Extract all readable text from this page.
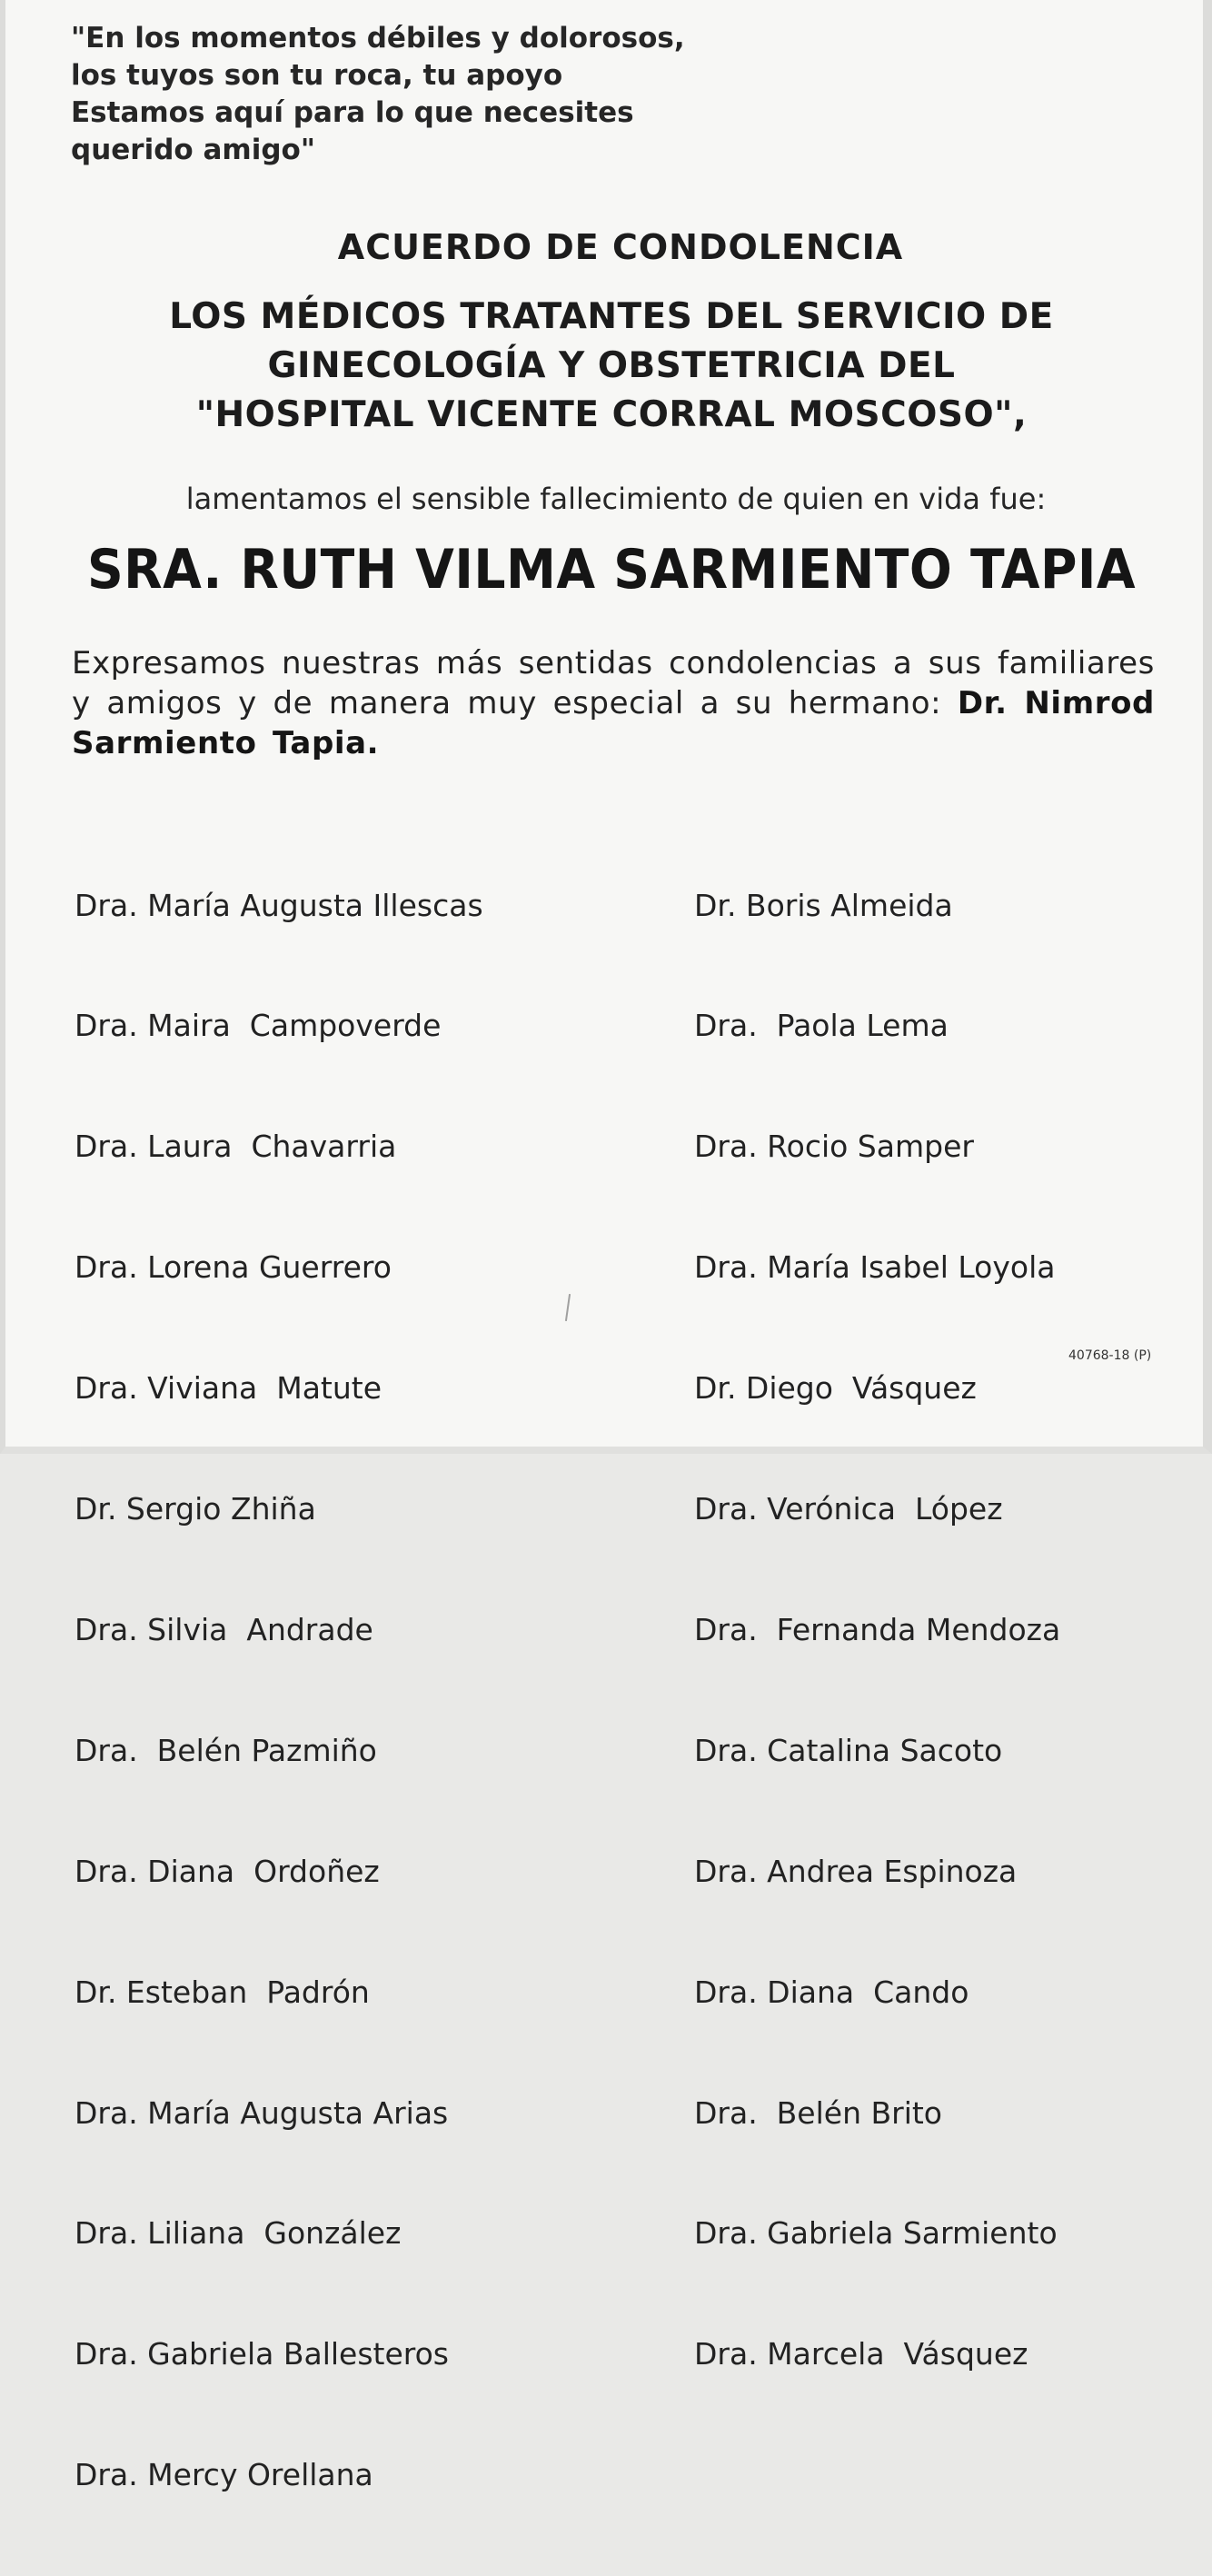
"En los momentos débiles y dolorosos,
los tuyos son tu roca, tu apoyo
Estamos aquí para lo que necesites
querido amigo"
ACUERDO DE CONDOLENCIA
LOS MÉDICOS TRATANTES DEL SERVICIO DE
GINECOLOGÍA Y OBSTETRICIA DEL
"HOSPITAL VICENTE CORRAL MOSCOSO",
lamentamos el sensible fallecimiento de quien en vida fue:
SRA. RUTH VILMA SARMIENTO TAPIA
Expresamos nuestras más sentidas condolencias a sus familiares y amigos y de manera muy especial a su hermano: Dr. Nimrod Sarmiento Tapia.

Dra. María Augusta Illescas

Dra. Maira  Campoverde

Dra. Laura  Chavarria

Dra. Lorena Guerrero

Dra. Viviana  Matute

Dr. Sergio Zhiña

Dra. Silvia  Andrade

Dra.  Belén Pazmiño

Dra. Diana  Ordoñez

Dr. Esteban  Padrón

Dra. María Augusta Arias

Dra. Liliana  González

Dra. Gabriela Ballesteros

Dra. Mercy Orellana

Dr. Boris Almeida

Dra.  Paola Lema

Dra. Rocio Samper

Dra. María Isabel Loyola

Dr. Diego  Vásquez

Dra. Verónica  López

Dra.  Fernanda Mendoza

Dra. Catalina Sacoto

Dra. Andrea Espinoza

Dra. Diana  Cando

Dra.  Belén Brito

Dra. Gabriela Sarmiento

Dra. Marcela  Vásquez

40768-18 (P)
